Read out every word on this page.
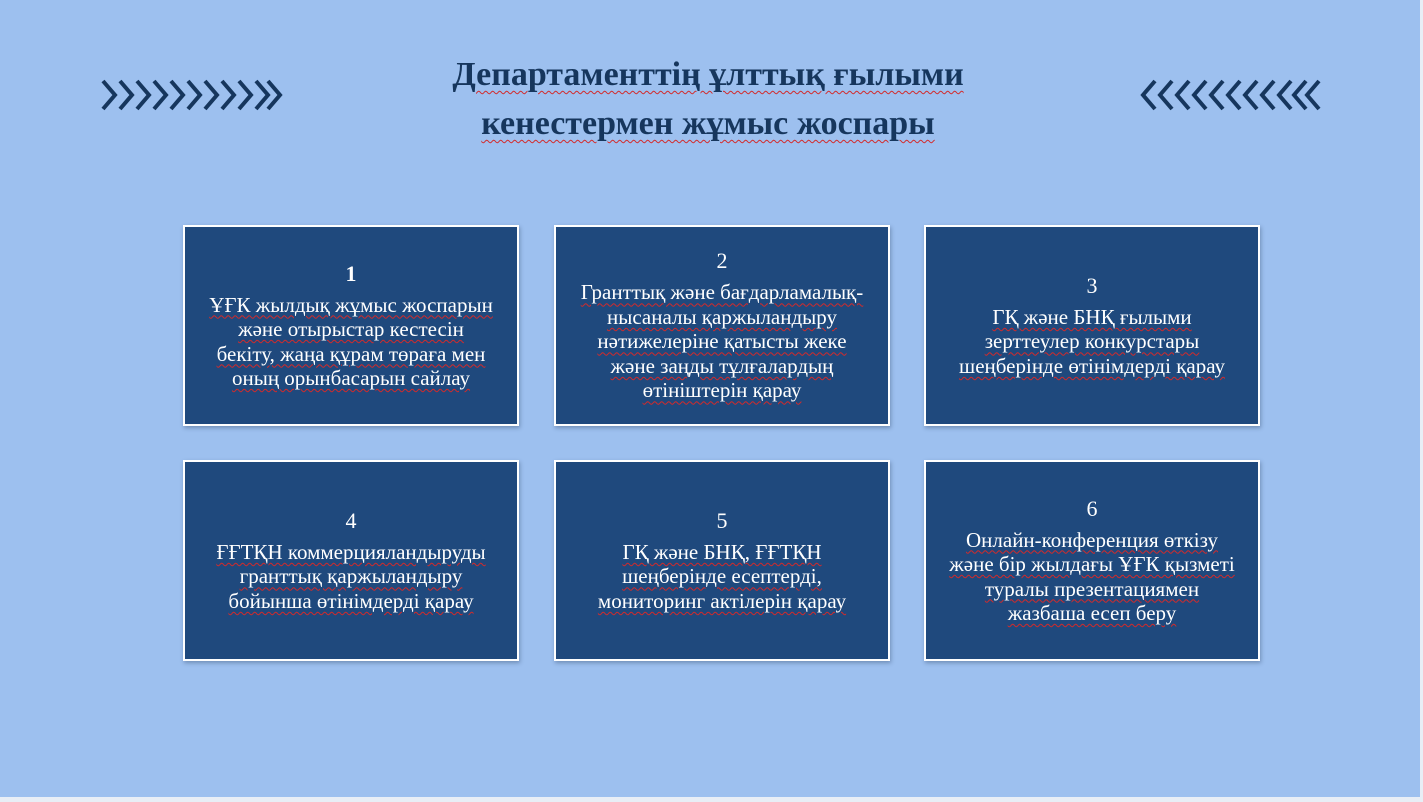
Департаменттің ұлттық ғылыми
кенестермен жұмыс жоспары
1
ҰҒК жылдық жұмыс жоспарын
және отырыстар кестесін
бекіту, жаңа құрам төраға мен
оның орынбасарын сайлау
2
Гранттық және бағдарламалық-
нысаналы қаржыландыру
нәтижелеріне қатысты жеке
және заңды тұлғалардың
өтініштерін қарау
3
ГҚ және БНҚ ғылыми
зерттеулер конкурстары
шеңберінде өтінімдерді қарау
4
ҒҒТҚН коммерцияландыруды
гранттық қаржыландыру
бойынша өтінімдерді қарау
5
ГҚ және БНҚ, ҒҒТҚН
шеңберінде есептерді,
мониторинг актілерін қарау
6
Онлайн-конференция өткізу
және бір жылдағы ҰҒК қызметі
туралы презентациямен
жазбаша есеп беру
